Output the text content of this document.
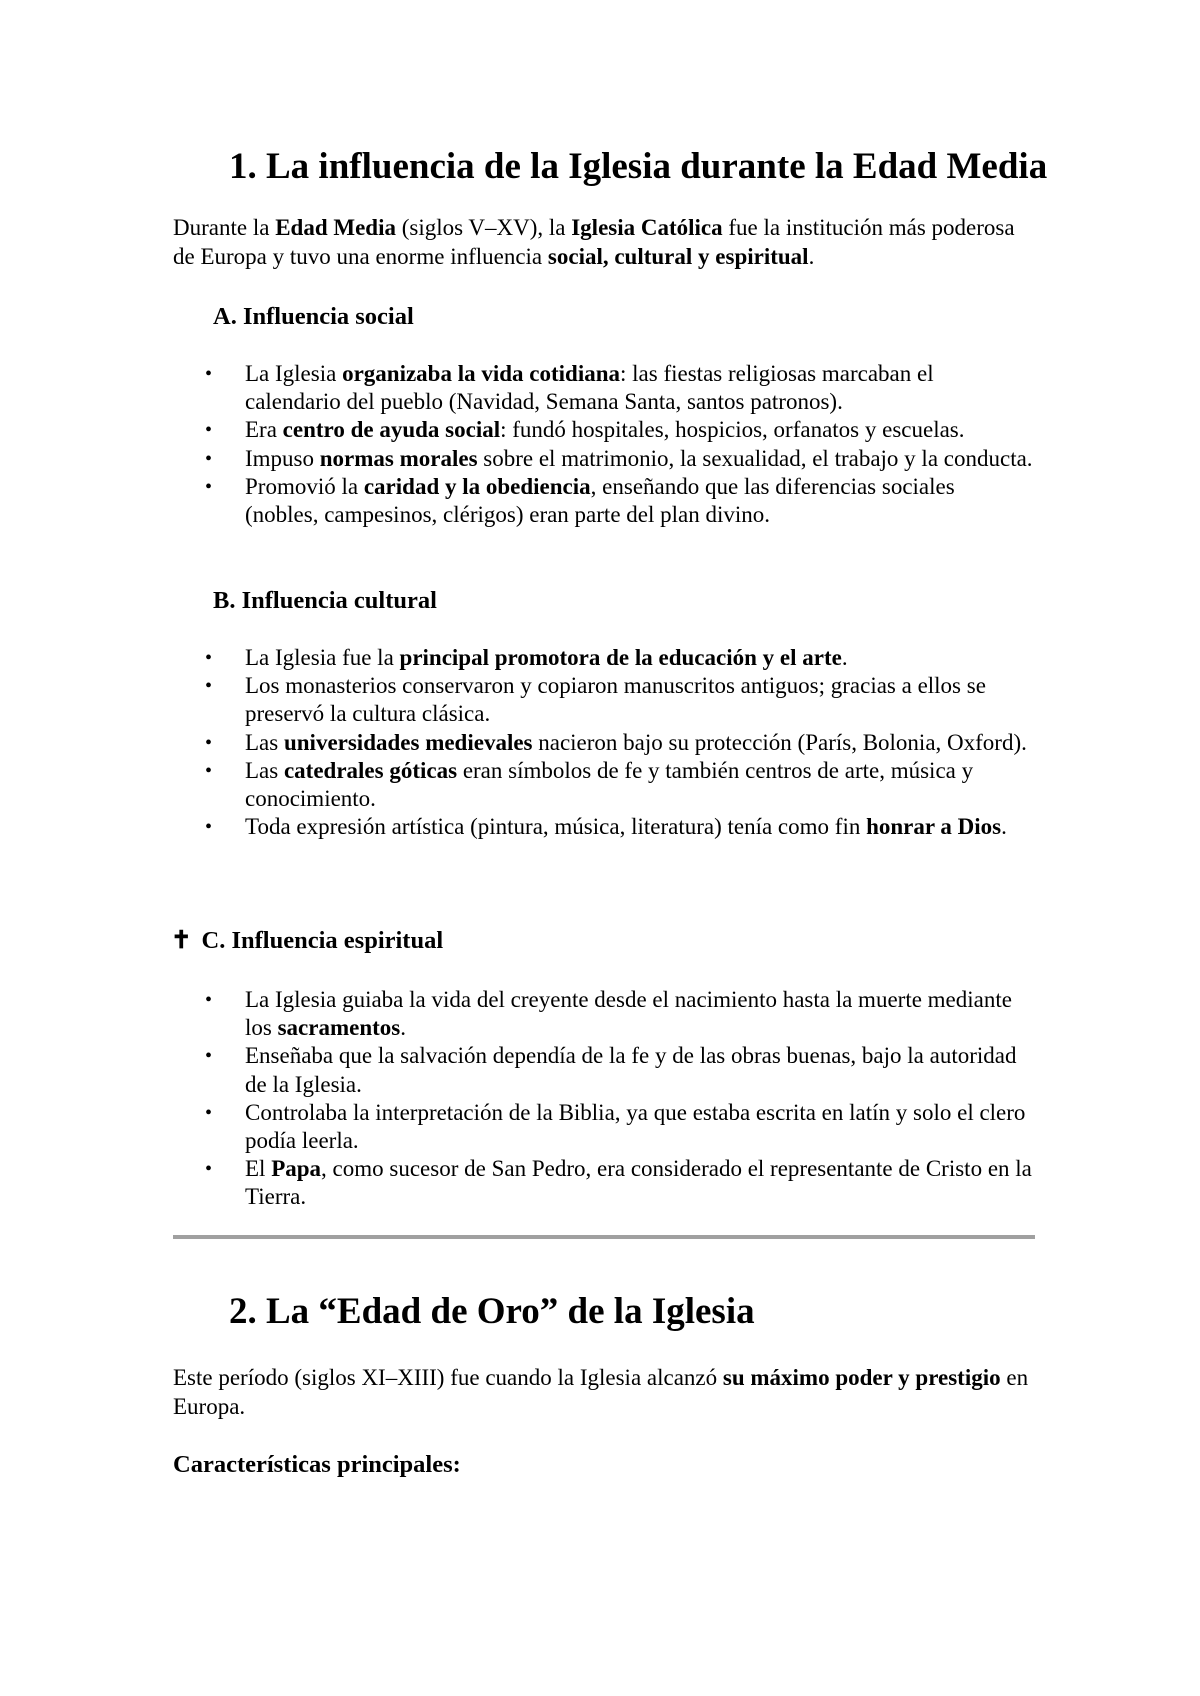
1. La influencia de la Iglesia durante la Edad Media

Durante la Edad Media (siglos V–XV), la Iglesia Católica fue la institución más poderosa de Europa y tuvo una enorme influencia social, cultural y espiritual.

A. Influencia social
• La Iglesia organizaba la vida cotidiana: las fiestas religiosas marcaban el calendario del pueblo (Navidad, Semana Santa, santos patronos).
• Era centro de ayuda social: fundó hospitales, hospicios, orfanatos y escuelas.
• Impuso normas morales sobre el matrimonio, la sexualidad, el trabajo y la conducta.
• Promovió la caridad y la obediencia, enseñando que las diferencias sociales (nobles, campesinos, clérigos) eran parte del plan divino.
B. Influencia cultural
• La Iglesia fue la principal promotora de la educación y el arte.
• Los monasterios conservaron y copiaron manuscritos antiguos; gracias a ellos se preservó la cultura clásica.
• Las universidades medievales nacieron bajo su protección (París, Bolonia, Oxford).
• Las catedrales góticas eran símbolos de fe y también centros de arte, música y conocimiento.
• Toda expresión artística (pintura, música, literatura) tenía como fin honrar a Dios.
✝ C. Influencia espiritual
• La Iglesia guiaba la vida del creyente desde el nacimiento hasta la muerte mediante los sacramentos.
• Enseñaba que la salvación dependía de la fe y de las obras buenas, bajo la autoridad de la Iglesia.
• Controlaba la interpretación de la Biblia, ya que estaba escrita en latín y solo el clero podía leerla.
• El Papa, como sucesor de San Pedro, era considerado el representante de Cristo en la Tierra.
2. La “Edad de Oro” de la Iglesia

Este período (siglos XI–XIII) fue cuando la Iglesia alcanzó su máximo poder y prestigio en Europa.

Características principales:
